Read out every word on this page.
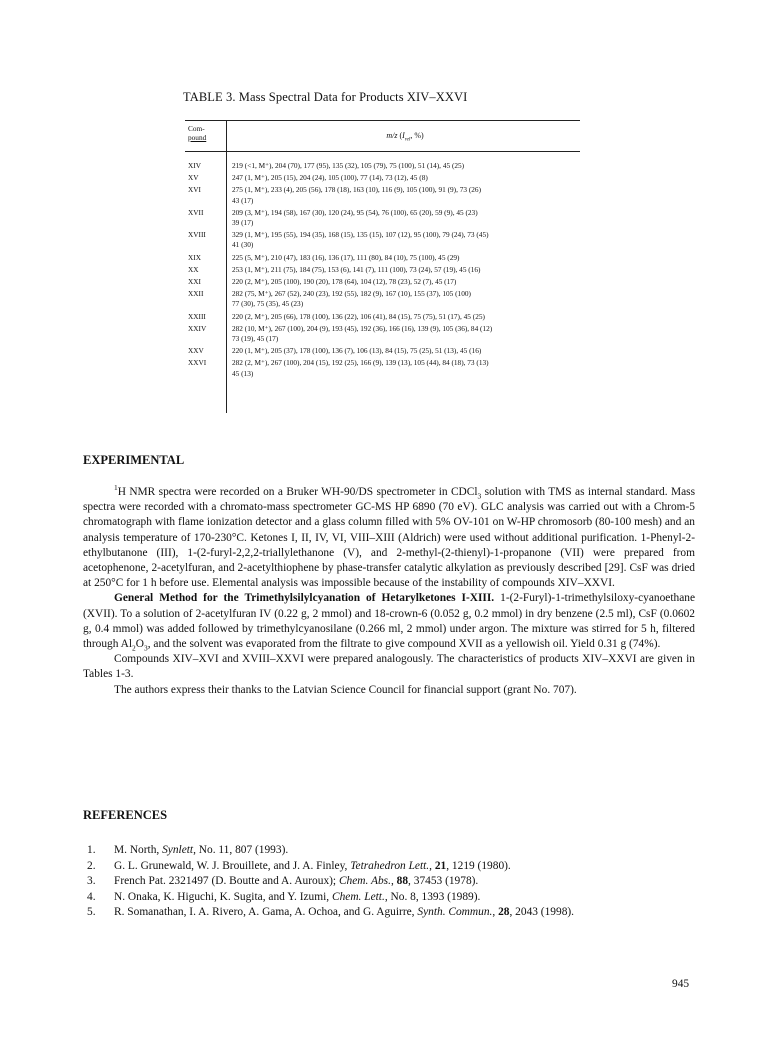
TABLE 3. Mass Spectral Data for Products XIV–XXVI
Com-
pound	m/z ($I_{rel}$, %)
XIV	219 (<1, M⁺), 204 (70), 177 (95), 135 (32), 105 (79), 75 (100), 51 (14), 45 (25)
XV	247 (1, M⁺), 205 (15), 204 (24), 105 (100), 77 (14), 73 (12), 45 (8)
XVI	275 (1, M⁺), 233 (4), 205 (56), 178 (18), 163 (10), 116 (9), 105 (100), 91 (9), 73 (26)
43 (17)
XVII	209 (3, M⁺), 194 (58), 167 (30), 120 (24), 95 (54), 76 (100), 65 (20), 59 (9), 45 (23)
39 (17)
XVIII	329 (1, M⁺), 195 (55), 194 (35), 168 (15), 135 (15), 107 (12), 95 (100), 79 (24), 73 (45)
41 (30)
XIX	225 (5, M⁺), 210 (47), 183 (16), 136 (17), 111 (80), 84 (10), 75 (100), 45 (29)
XX	253 (1, M⁺), 211 (75), 184 (75), 153 (6), 141 (7), 111 (100), 73 (24), 57 (19), 45 (16)
XXI	220 (2, M⁺), 205 (100), 190 (20), 178 (64), 104 (12), 78 (23), 52 (7), 45 (17)
XXII	282 (75, M⁺), 267 (52), 240 (23), 192 (55), 182 (9), 167 (10), 155 (37), 105 (100)
77 (30), 75 (35), 45 (23)
XXIII	220 (2, M⁺), 205 (66), 178 (100), 136 (22), 106 (41), 84 (15), 75 (75), 51 (17), 45 (25)
XXIV	282 (10, M⁺), 267 (100), 204 (9), 193 (45), 192 (36), 166 (16), 139 (9), 105 (36), 84 (12)
73 (19), 45 (17)
XXV	220 (1, M⁺), 205 (37), 178 (100), 136 (7), 106 (13), 84 (15), 75 (25), 51 (13), 45 (16)
XXVI	282 (2, M⁺), 267 (100), 204 (15), 192 (25), 166 (9), 139 (13), 105 (44), 84 (18), 73 (13)
45 (13)
EXPERIMENTAL

$^1$H NMR spectra were recorded on a Bruker WH-90/DS spectrometer in CDCl$_3$ solution with TMS as internal standard. Mass spectra were recorded with a chromato-mass spectrometer GC-MS HP 6890 (70 eV). GLC analysis was carried out with a Chrom-5 chromatograph with flame ionization detector and a glass column filled with 5% OV-101 on W-HP chromosorb (80-100 mesh) and an analysis temperature of 170-230°C. Ketones I, II, IV, VI, VIII–XIII (Aldrich) were used without additional purification. 1-Phenyl-2-ethylbutanone (III), 1-(2-furyl-2,2,2-triallylethanone (V), and 2-methyl-(2-thienyl)-1-propanone (VII) were prepared from acetophenone, 2-acetylfuran, and 2-acetylthiophene by phase-transfer catalytic alkylation as previously described [29]. CsF was dried at 250°C for 1 h before use. Elemental analysis was impossible because of the instability of compounds XIV–XXVI.

General Method for the Trimethylsilylcyanation of Hetarylketones I-XIII. 1-(2-Furyl)-1-trimethylsiloxy-cyanoethane (XVII). To a solution of 2-acetylfuran IV (0.22 g, 2 mmol) and 18-crown-6 (0.052 g, 0.2 mmol) in dry benzene (2.5 ml), CsF (0.0602 g, 0.4 mmol) was added followed by trimethylcyanosilane (0.266 ml, 2 mmol) under argon. The mixture was stirred for 5 h, filtered through $Al_2O_3$, and the solvent was evaporated from the filtrate to give compound XVII as a yellowish oil. Yield 0.31 g (74%).

Compounds XIV–XVI and XVIII–XXVI were prepared analogously. The characteristics of products XIV–XXVI are given in Tables 1-3.

The authors express their thanks to the Latvian Science Council for financial support (grant No. 707).

REFERENCES
1.	M. North, Synlett, No. 11, 807 (1993).
2.	G. L. Grunewald, W. J. Brouillete, and J. A. Finley, Tetrahedron Lett., 21, 1219 (1980).
3.	French Pat. 2321497 (D. Boutte and A. Auroux); Chem. Abs., 88, 37453 (1978).
4.	N. Onaka, K. Higuchi, K. Sugita, and Y. Izumi, Chem. Lett., No. 8, 1393 (1989).
5.	R. Somanathan, I. A. Rivero, A. Gama, A. Ochoa, and G. Aguirre, Synth. Commun., 28, 2043 (1998).
945
